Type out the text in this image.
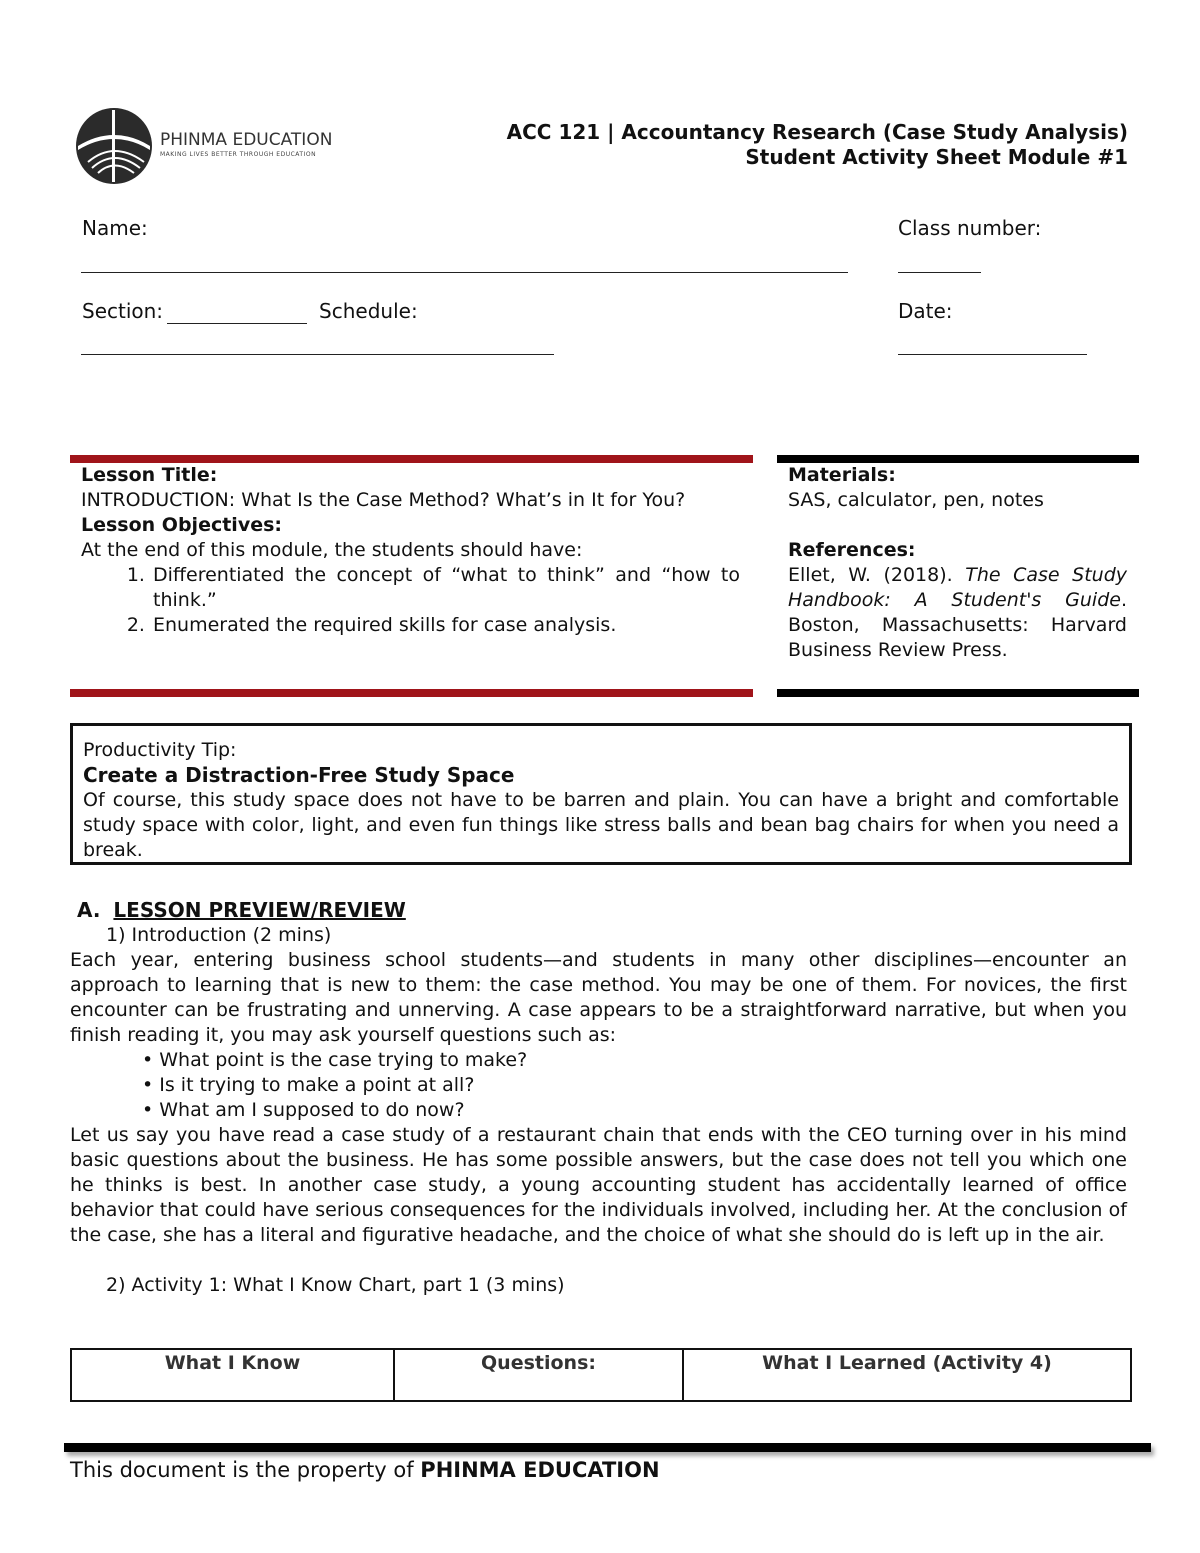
PHINMA EDUCATION
MAKING LIVES BETTER THROUGH EDUCATION
ACC 121 | Accountancy Research (Case Study Analysis)
Student Activity Sheet Module #1
Name:	Class number:
Section:	Schedule:	Date:
Lesson Title:
INTRODUCTION: What Is the Case Method? What’s in It for You?
Lesson Objectives:
At the end of this module, the students should have:
1. Differentiated the concept of “what to think” and “how to think.”
2. Enumerated the required skills for case analysis.
Materials:
SAS, calculator, pen, notes
References:
Ellet, W. (2018). The Case Study Handbook: A Student's Guide. Boston, Massachusetts: Harvard Business Review Press.
Productivity Tip:
Create a Distraction-Free Study Space
Of course, this study space does not have to be barren and plain. You can have a bright and comfortable study space with color, light, and even fun things like stress balls and bean bag chairs for when you need a break.
A. LESSON PREVIEW/REVIEW
1) Introduction (2 mins)
Each year, entering business school students—and students in many other disciplines—encounter an approach to learning that is new to them: the case method. You may be one of them. For novices, the first encounter can be frustrating and unnerving. A case appears to be a straightforward narrative, but when you finish reading it, you may ask yourself questions such as:
• What point is the case trying to make?
• Is it trying to make a point at all?
• What am I supposed to do now?
Let us say you have read a case study of a restaurant chain that ends with the CEO turning over in his mind basic questions about the business. He has some possible answers, but the case does not tell you which one he thinks is best. In another case study, a young accounting student has accidentally learned of office behavior that could have serious consequences for the individuals involved, including her. At the conclusion of the case, she has a literal and figurative headache, and the choice of what she should do is left up in the air.
2) Activity 1: What I Know Chart, part 1 (3 mins)
What I Know	Questions:	What I Learned (Activity 4)
This document is the property of PHINMA EDUCATION
